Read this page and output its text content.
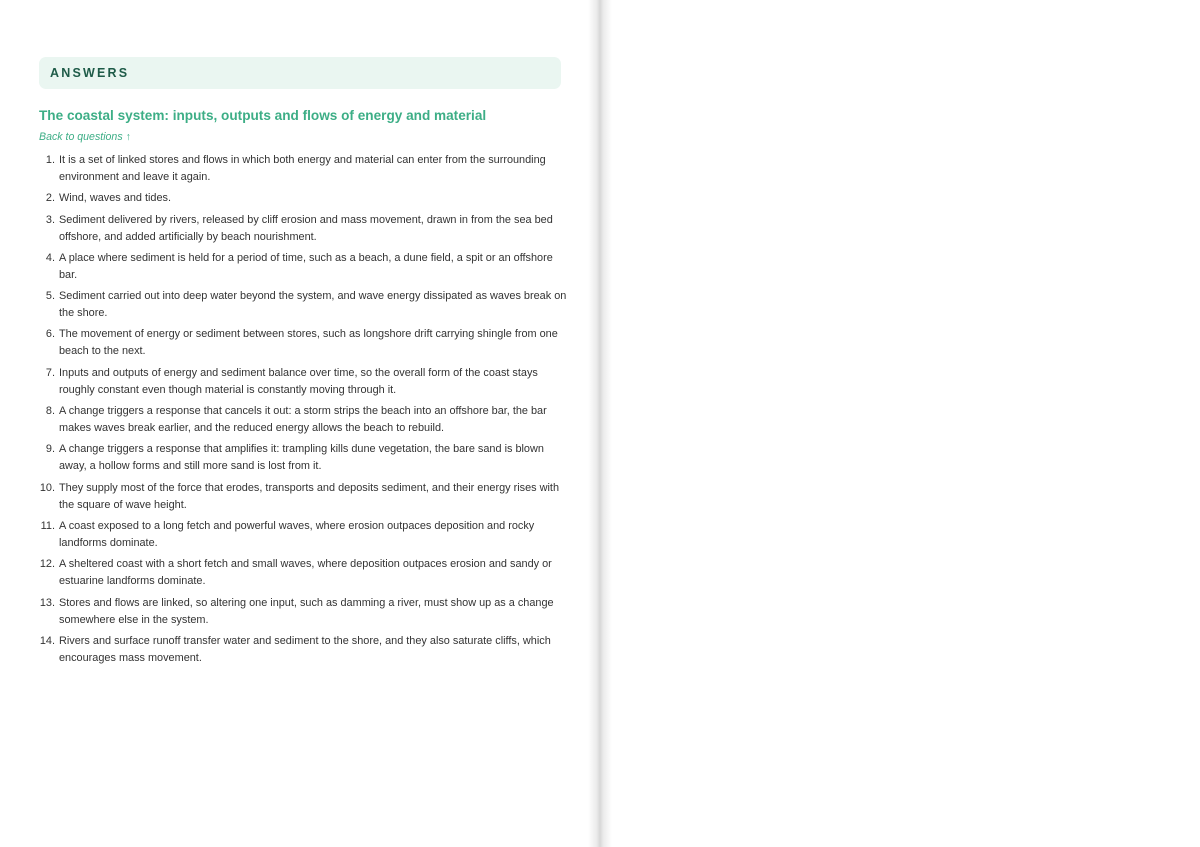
ANSWERS
The coastal system: inputs, outputs and flows of energy and material
Back to questions ↑
1. It is a set of linked stores and flows in which both energy and material can enter from the surrounding environment and leave it again.
2. Wind, waves and tides.
3. Sediment delivered by rivers, released by cliff erosion and mass movement, drawn in from the sea bed offshore, and added artificially by beach nourishment.
4. A place where sediment is held for a period of time, such as a beach, a dune field, a spit or an offshore bar.
5. Sediment carried out into deep water beyond the system, and wave energy dissipated as waves break on the shore.
6. The movement of energy or sediment between stores, such as longshore drift carrying shingle from one beach to the next.
7. Inputs and outputs of energy and sediment balance over time, so the overall form of the coast stays roughly constant even though material is constantly moving through it.
8. A change triggers a response that cancels it out: a storm strips the beach into an offshore bar, the bar makes waves break earlier, and the reduced energy allows the beach to rebuild.
9. A change triggers a response that amplifies it: trampling kills dune vegetation, the bare sand is blown away, a hollow forms and still more sand is lost from it.
10. They supply most of the force that erodes, transports and deposits sediment, and their energy rises with the square of wave height.
11. A coast exposed to a long fetch and powerful waves, where erosion outpaces deposition and rocky landforms dominate.
12. A sheltered coast with a short fetch and small waves, where deposition outpaces erosion and sandy or estuarine landforms dominate.
13. Stores and flows are linked, so altering one input, such as damming a river, must show up as a change somewhere else in the system.
14. Rivers and surface runoff transfer water and sediment to the shore, and they also saturate cliffs, which encourages mass movement.
